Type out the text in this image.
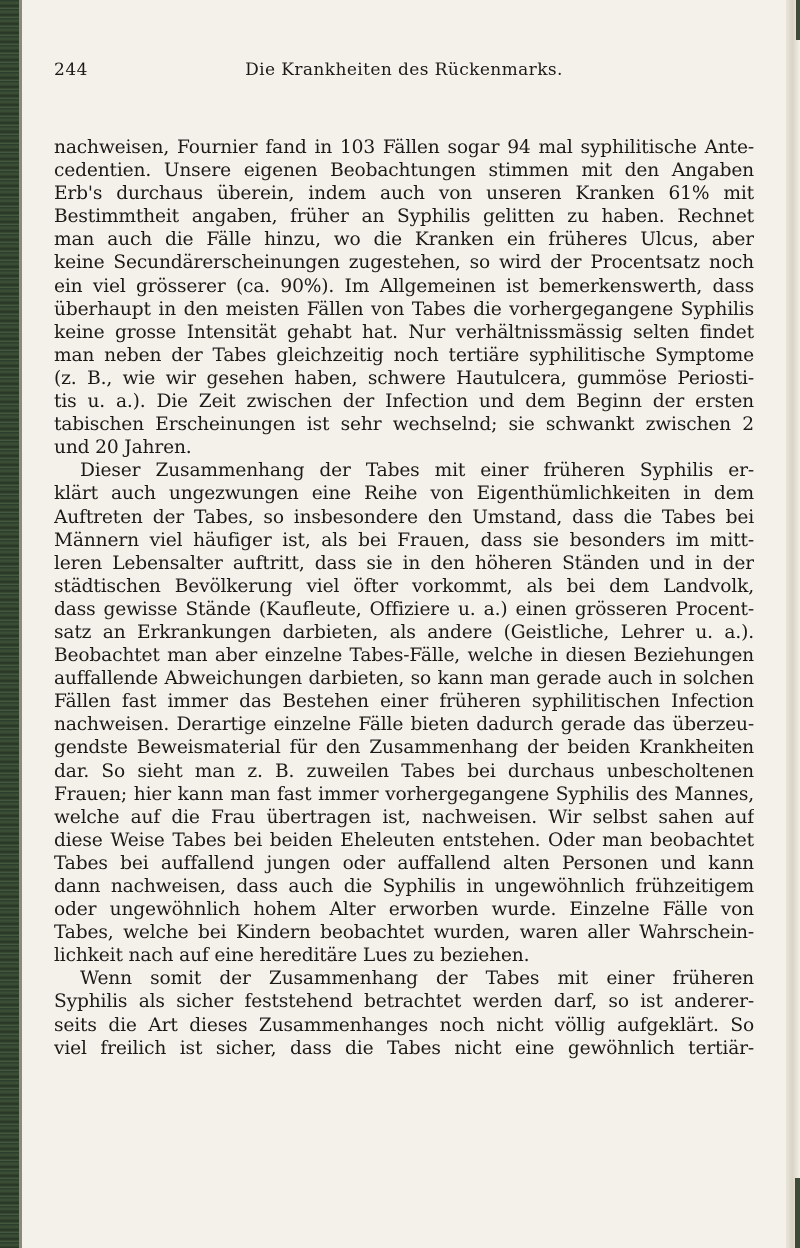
244	Die Krankheiten des Rückenmarks.
nachweisen, Fournier fand in 103 Fällen sogar 94 mal syphilitische Ante-
cedentien. Unsere eigenen Beobachtungen stimmen mit den Angaben
Erb's durchaus überein, indem auch von unseren Kranken 61% mit
Bestimmtheit angaben, früher an Syphilis gelitten zu haben. Rechnet
man auch die Fälle hinzu, wo die Kranken ein früheres Ulcus, aber
keine Secundärerscheinungen zugestehen, so wird der Procentsatz noch
ein viel grösserer (ca. 90%). Im Allgemeinen ist bemerkenswerth, dass
überhaupt in den meisten Fällen von Tabes die vorhergegangene Syphilis
keine grosse Intensität gehabt hat. Nur verhältnissmässig selten findet
man neben der Tabes gleichzeitig noch tertiäre syphilitische Symptome
(z. B., wie wir gesehen haben, schwere Hautulcera, gummöse Periosti-
tis u. a.). Die Zeit zwischen der Infection und dem Beginn der ersten
tabischen Erscheinungen ist sehr wechselnd; sie schwankt zwischen 2
und 20 Jahren.
Dieser Zusammenhang der Tabes mit einer früheren Syphilis er-
klärt auch ungezwungen eine Reihe von Eigenthümlichkeiten in dem
Auftreten der Tabes, so insbesondere den Umstand, dass die Tabes bei
Männern viel häufiger ist, als bei Frauen, dass sie besonders im mitt-
leren Lebensalter auftritt, dass sie in den höheren Ständen und in der
städtischen Bevölkerung viel öfter vorkommt, als bei dem Landvolk,
dass gewisse Stände (Kaufleute, Offiziere u. a.) einen grösseren Procent-
satz an Erkrankungen darbieten, als andere (Geistliche, Lehrer u. a.).
Beobachtet man aber einzelne Tabes-Fälle, welche in diesen Beziehungen
auffallende Abweichungen darbieten, so kann man gerade auch in solchen
Fällen fast immer das Bestehen einer früheren syphilitischen Infection
nachweisen. Derartige einzelne Fälle bieten dadurch gerade das überzeu-
gendste Beweismaterial für den Zusammenhang der beiden Krankheiten
dar. So sieht man z. B. zuweilen Tabes bei durchaus unbescholtenen
Frauen; hier kann man fast immer vorhergegangene Syphilis des Mannes,
welche auf die Frau übertragen ist, nachweisen. Wir selbst sahen auf
diese Weise Tabes bei beiden Eheleuten entstehen. Oder man beobachtet
Tabes bei auffallend jungen oder auffallend alten Personen und kann
dann nachweisen, dass auch die Syphilis in ungewöhnlich frühzeitigem
oder ungewöhnlich hohem Alter erworben wurde. Einzelne Fälle von
Tabes, welche bei Kindern beobachtet wurden, waren aller Wahrschein-
lichkeit nach auf eine hereditäre Lues zu beziehen.
Wenn somit der Zusammenhang der Tabes mit einer früheren
Syphilis als sicher feststehend betrachtet werden darf, so ist anderer-
seits die Art dieses Zusammenhanges noch nicht völlig aufgeklärt. So
viel freilich ist sicher, dass die Tabes nicht eine gewöhnlich tertiär-
